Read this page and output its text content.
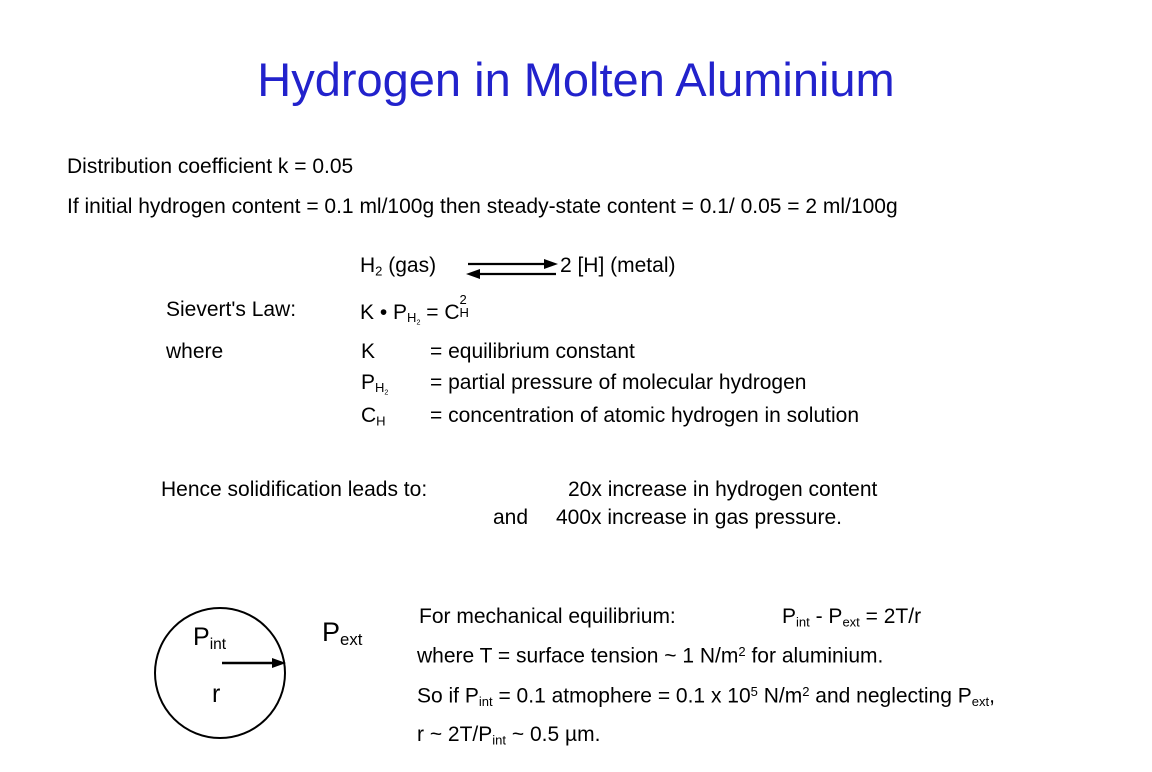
Hydrogen in Molten Aluminium
Distribution coefficient k = 0.05
If initial hydrogen content = 0.1 ml/100g then steady-state content = 0.1/ 0.05 = 2 ml/100g
$H_2$ (gas)	2 [H] (metal)
Sievert's Law:	K • $P_{H2} = C$
2
H
where	K	= equilibrium constant
$P_{H2}$ = partial pressure of molecular hydrogen
$C_H$ = concentration of atomic hydrogen in solution
Hence solidification leads to:	20x increase in hydrogen content
and 400x increase in gas pressure.
$P_{int}$
r
$P_{ext}$
For mechanical equilibrium:	$P_{int} - P_{ext} = 2T/r$
where T = surface tension ~ 1 $N/m^2$ for aluminium.
So if $P_{int} = 0.1$ atmophere = 0.1 x $10^5$ $N/m^2$ and neglecting $P_{ext}$,
r ~ $2T/P_{int}$ ~ 0.5 µm.
